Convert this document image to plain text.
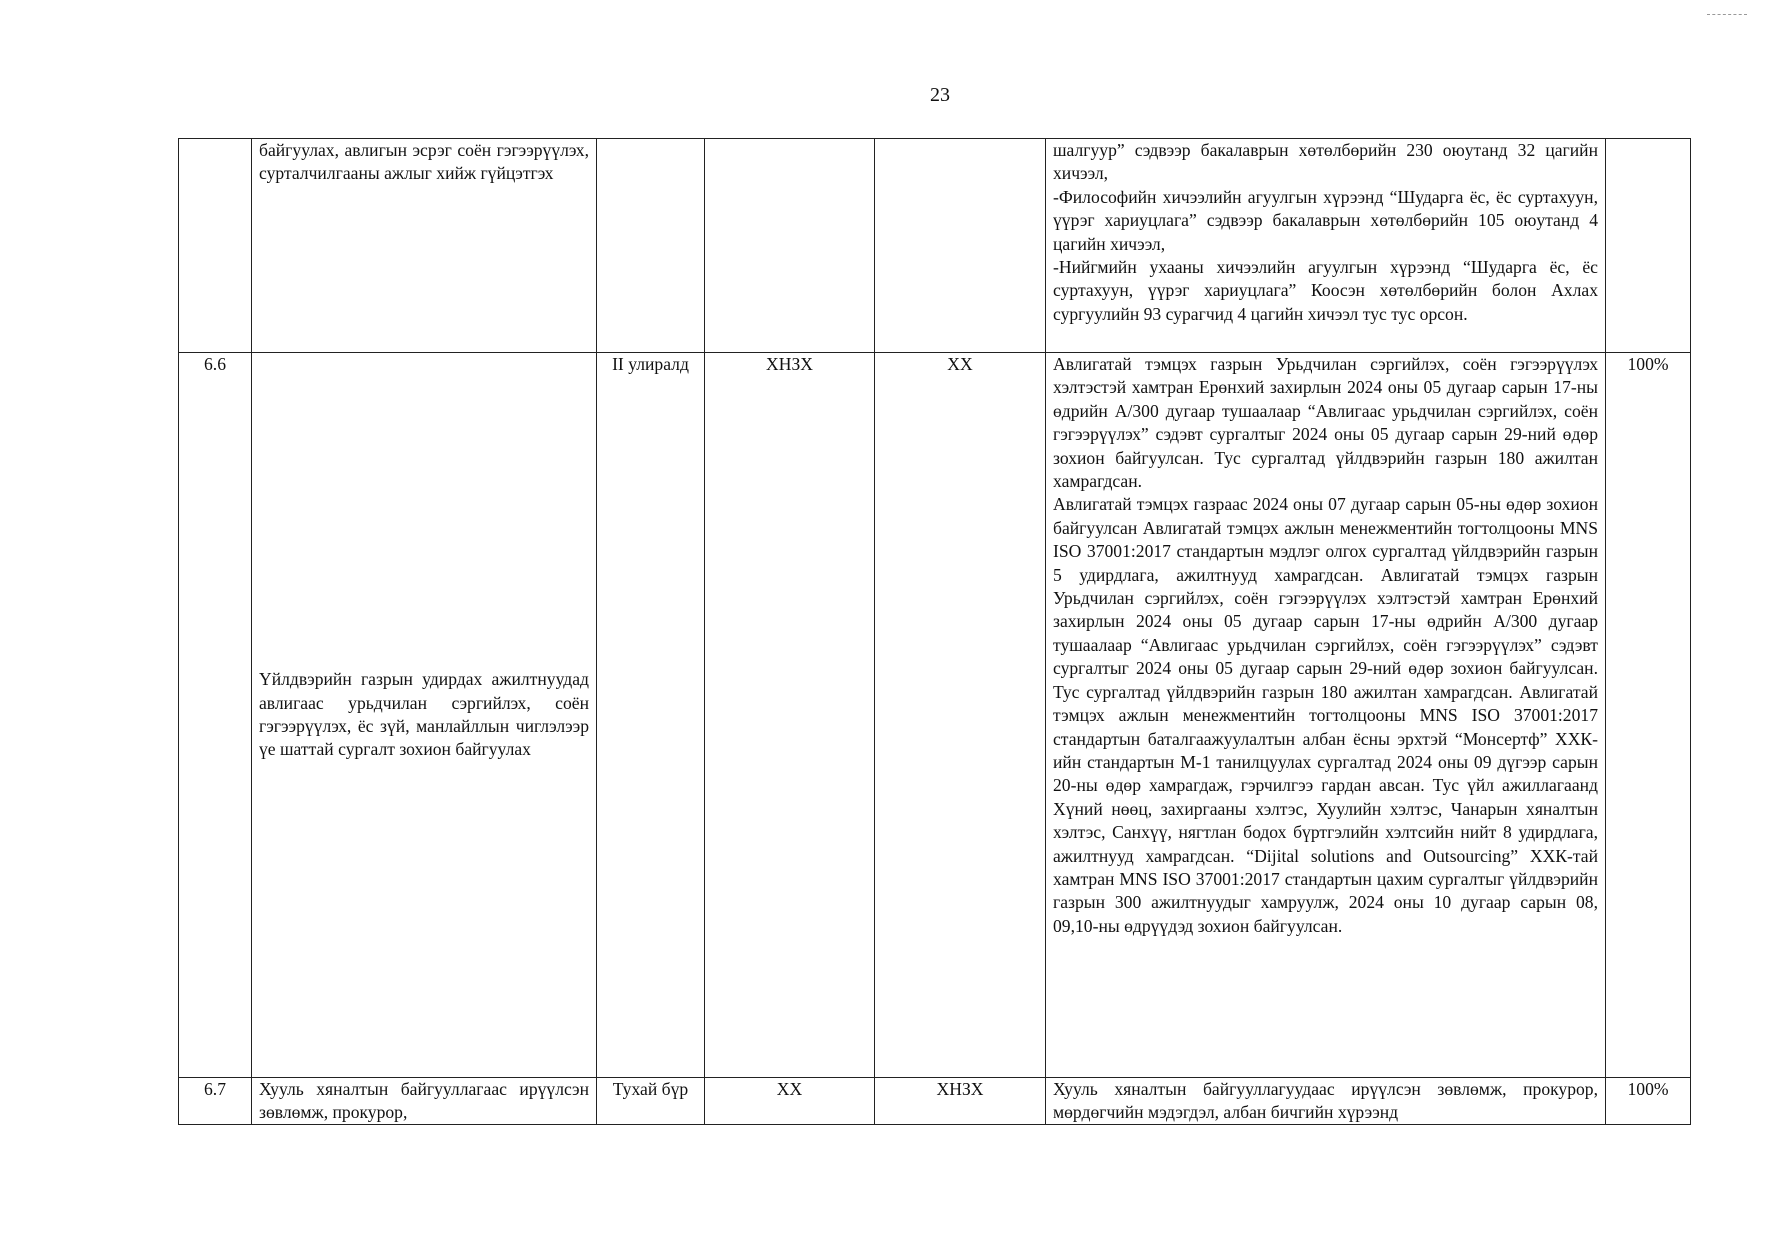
23
	байгуулах, авлигын эсрэг соён гэгээрүүлэх, сурталчилгааны ажлыг хийж гүйцэтгэх				шалгуур” сэдвээр бакалаврын хөтөлбөрийн 230 оюутанд 32 цагийн хичээл,
-Философийн хичээлийн агуулгын хүрээнд “Шударга ёс, ёс суртахуун, үүрэг хариуцлага” сэдвээр бакалаврын хөтөлбөрийн 105 оюутанд 4 цагийн хичээл,
-Нийгмийн ухааны хичээлийн агуулгын хүрээнд “Шударга ёс, ёс суртахуун, үүрэг хариуцлага” Коосэн хөтөлбөрийн болон Ахлах сургуулийн 93 сурагчид 4 цагийн хичээл тус тус орсон.	

6.6	Үйлдвэрийн газрын удирдах ажилтнуудад авлигаас урьдчилан сэргийлэх, соён гэгээрүүлэх, ёс зүй, манлайллын чиглэлээр үе шаттай сургалт зохион байгуулах	II улиралд	ХНЗХ	ХХ	Авлигатай тэмцэх газрын Урьдчилан сэргийлэх, соён гэгээрүүлэх хэлтэстэй хамтран Ерөнхий захирлын 2024 оны 05 дугаар сарын 17-ны өдрийн А/300 дугаар тушаалаар “Авлигаас урьдчилан сэргийлэх, соён гэгээрүүлэх” сэдэвт сургалтыг 2024 оны 05 дугаар сарын 29-ний өдөр зохион байгуулсан. Тус сургалтад үйлдвэрийн газрын 180 ажилтан хамрагдсан.
Авлигатай тэмцэх газраас 2024 оны 07 дугаар сарын 05-ны өдөр зохион байгуулсан Авлигатай тэмцэх ажлын менежментийн тогтолцооны MNS ISO 37001:2017 стандартын мэдлэг олгох сургалтад үйлдвэрийн газрын 5 удирдлага, ажилтнууд хамрагдсан. Авлигатай тэмцэх газрын Урьдчилан сэргийлэх, соён гэгээрүүлэх хэлтэстэй хамтран Ерөнхий захирлын 2024 оны 05 дугаар сарын 17-ны өдрийн А/300 дугаар тушаалаар “Авлигаас урьдчилан сэргийлэх, соён гэгээрүүлэх” сэдэвт сургалтыг 2024 оны 05 дугаар сарын 29-ний өдөр зохион байгуулсан. Тус сургалтад үйлдвэрийн газрын 180 ажилтан хамрагдсан. Авлигатай тэмцэх ажлын менежментийн тогтолцооны MNS ISO 37001:2017 стандартын баталгаажуулалтын албан ёсны эрхтэй “Монсертф” ХХК-ийн стандартын М-1 танилцуулах сургалтад 2024 оны 09 дүгээр сарын 20-ны өдөр хамрагдаж, гэрчилгээ гардан авсан. Тус үйл ажиллагаанд Хүний нөөц, захиргааны хэлтэс, Хуулийн хэлтэс, Чанарын хяналтын хэлтэс, Санхүү, нягтлан бодох бүртгэлийн хэлтсийн нийт 8 удирдлага, ажилтнууд хамрагдсан. “Dijital solutions and Outsourcing” ХХК-тай хамтран MNS ISO 37001:2017 стандартын цахим сургалтыг үйлдвэрийн газрын 300 ажилтнуудыг хамруулж, 2024 оны 10 дугаар сарын 08, 09,10-ны өдрүүдэд зохион байгуулсан.	100%
6.7	Хууль хяналтын байгууллагаас ирүүлсэн зөвлөмж, прокурор,	Тухай бүр	ХХ	ХНЗХ	Хууль хяналтын байгууллагуудаас ирүүлсэн зөвлөмж, прокурор, мөрдөгчийн мэдэгдэл, албан бичгийн хүрээнд	100%
